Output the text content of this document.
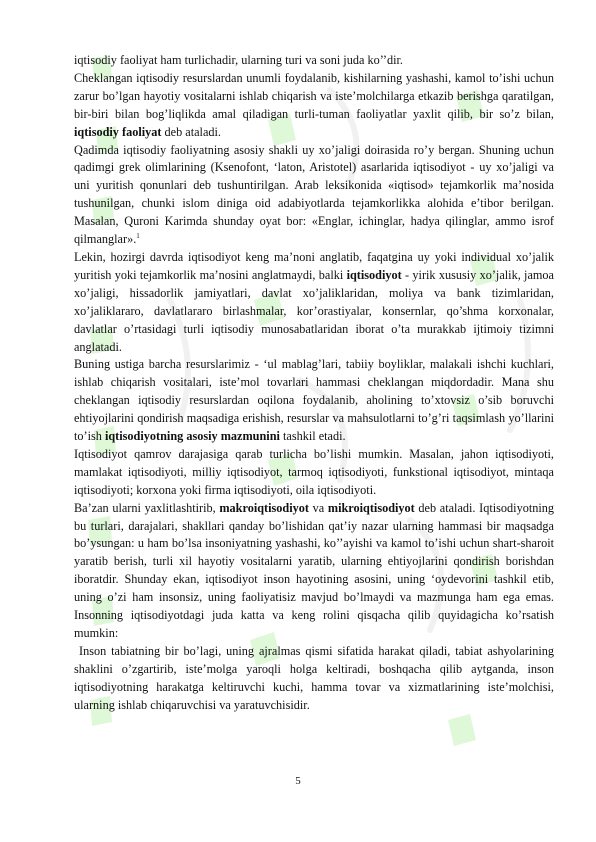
iqtisodiy faoliyat ham turlichadir, ularning turi va soni juda ko’’dir.

Cheklangan iqtisodiy resurslardan unumli foydalanib, kishilarning yashashi, kamol to’ishi uchun zarur bo’lgan hayotiy vositalarni ishlab chiqarish va iste’molchilarga etkazib berishga qaratilgan, bir-biri bilan bog’liqlikda amal qiladigan turli-tuman faoliyatlar yaxlit qilib, bir so’z bilan, iqtisodiy faoliyat deb ataladi.

Qadimda iqtisodiy faoliyatning asosiy shakli uy xo’jaligi doirasida ro’y bergan. Shuning uchun qadimgi grek olimlarining (Ksenofont, ‘laton, Aristotel) asarlarida iqtisodiyot - uy xo’jaligi va uni yuritish qonunlari deb tushuntirilgan. Arab leksikonida «iqtisod» tejamkorlik ma’nosida tushunilgan, chunki islom diniga oid adabiyotlarda tejamkorlikka alohida e’tibor berilgan. Masalan, Quroni Karimda shunday oyat bor: «Englar, ichinglar, hadya qilinglar, ammo isrof qilmanglar».$^1$

Lekin, hozirgi davrda iqtisodiyot keng ma’noni anglatib, faqatgina uy yoki individual xo’jalik yuritish yoki tejamkorlik ma’nosini anglatmaydi, balki iqtisodiyot - yirik xususiy xo’jalik, jamoa xo’jaligi, hissadorlik jamiyatlari, davlat xo’jaliklaridan, moliya va bank tizimlaridan, xo’jaliklararo, davlatlararo birlashmalar, kor’orastiyalar, konsernlar, qo’shma korxonalar, davlatlar o’rtasidagi turli iqtisodiy munosabatlaridan iborat o’ta murakkab ijtimoiy tizimni anglatadi.

Buning ustiga barcha resurslarimiz - ‘ul mablag’lari, tabiiy boyliklar, malakali ishchi kuchlari, ishlab chiqarish vositalari, iste’mol tovarlari hammasi cheklangan miqdordadir. Mana shu cheklangan iqtisodiy resurslardan oqilona foydalanib, aholining to’xtovsiz o’sib boruvchi ehtiyojlarini qondirish maqsadiga erishish, resurslar va mahsulotlarni to’g’ri taqsimlash yo’llarini to’ish iqtisodiyotning asosiy mazmunini tashkil etadi.

Iqtisodiyot qamrov darajasiga qarab turlicha bo’lishi mumkin. Masalan, jahon iqtisodiyoti, mamlakat iqtisodiyoti, milliy iqtisodiyot, tarmoq iqtisodiyoti, funkstional iqtisodiyot, mintaqa iqtisodiyoti; korxona yoki firma iqtisodiyoti, oila iqtisodiyoti.

Ba’zan ularni yaxlitlashtirib, makroiqtisodiyot va mikroiqtisodiyot deb ataladi. Iqtisodiyotning bu turlari, darajalari, shakllari qanday bo’lishidan qat’iy nazar ularning hammasi bir maqsadga bo’ysungan: u ham bo’lsa insoniyatning yashashi, ko’’ayishi va kamol to’ishi uchun shart-sharoit yaratib berish, turli xil hayotiy vositalarni yaratib, ularning ehtiyojlarini qondirish borishdan iboratdir. Shunday ekan, iqtisodiyot inson hayotining asosini, uning ‘oydevorini tashkil etib, uning o’zi ham insonsiz, uning faoliyatisiz mavjud bo’lmaydi va mazmunga ham ega emas. Insonning iqtisodiyotdagi juda katta va keng rolini qisqacha qilib quyidagicha ko’rsatish mumkin:

Inson tabiatning bir bo’lagi, uning ajralmas qismi sifatida harakat qiladi, tabiat ashyolarining shaklini o’zgartirib, iste’molga yaroqli holga keltiradi, boshqacha qilib aytganda, inson iqtisodiyotning harakatga keltiruvchi kuchi, hamma tovar va xizmatlarining iste’molchisi, ularning ishlab chiqaruvchisi va yaratuvchisidir.

5
